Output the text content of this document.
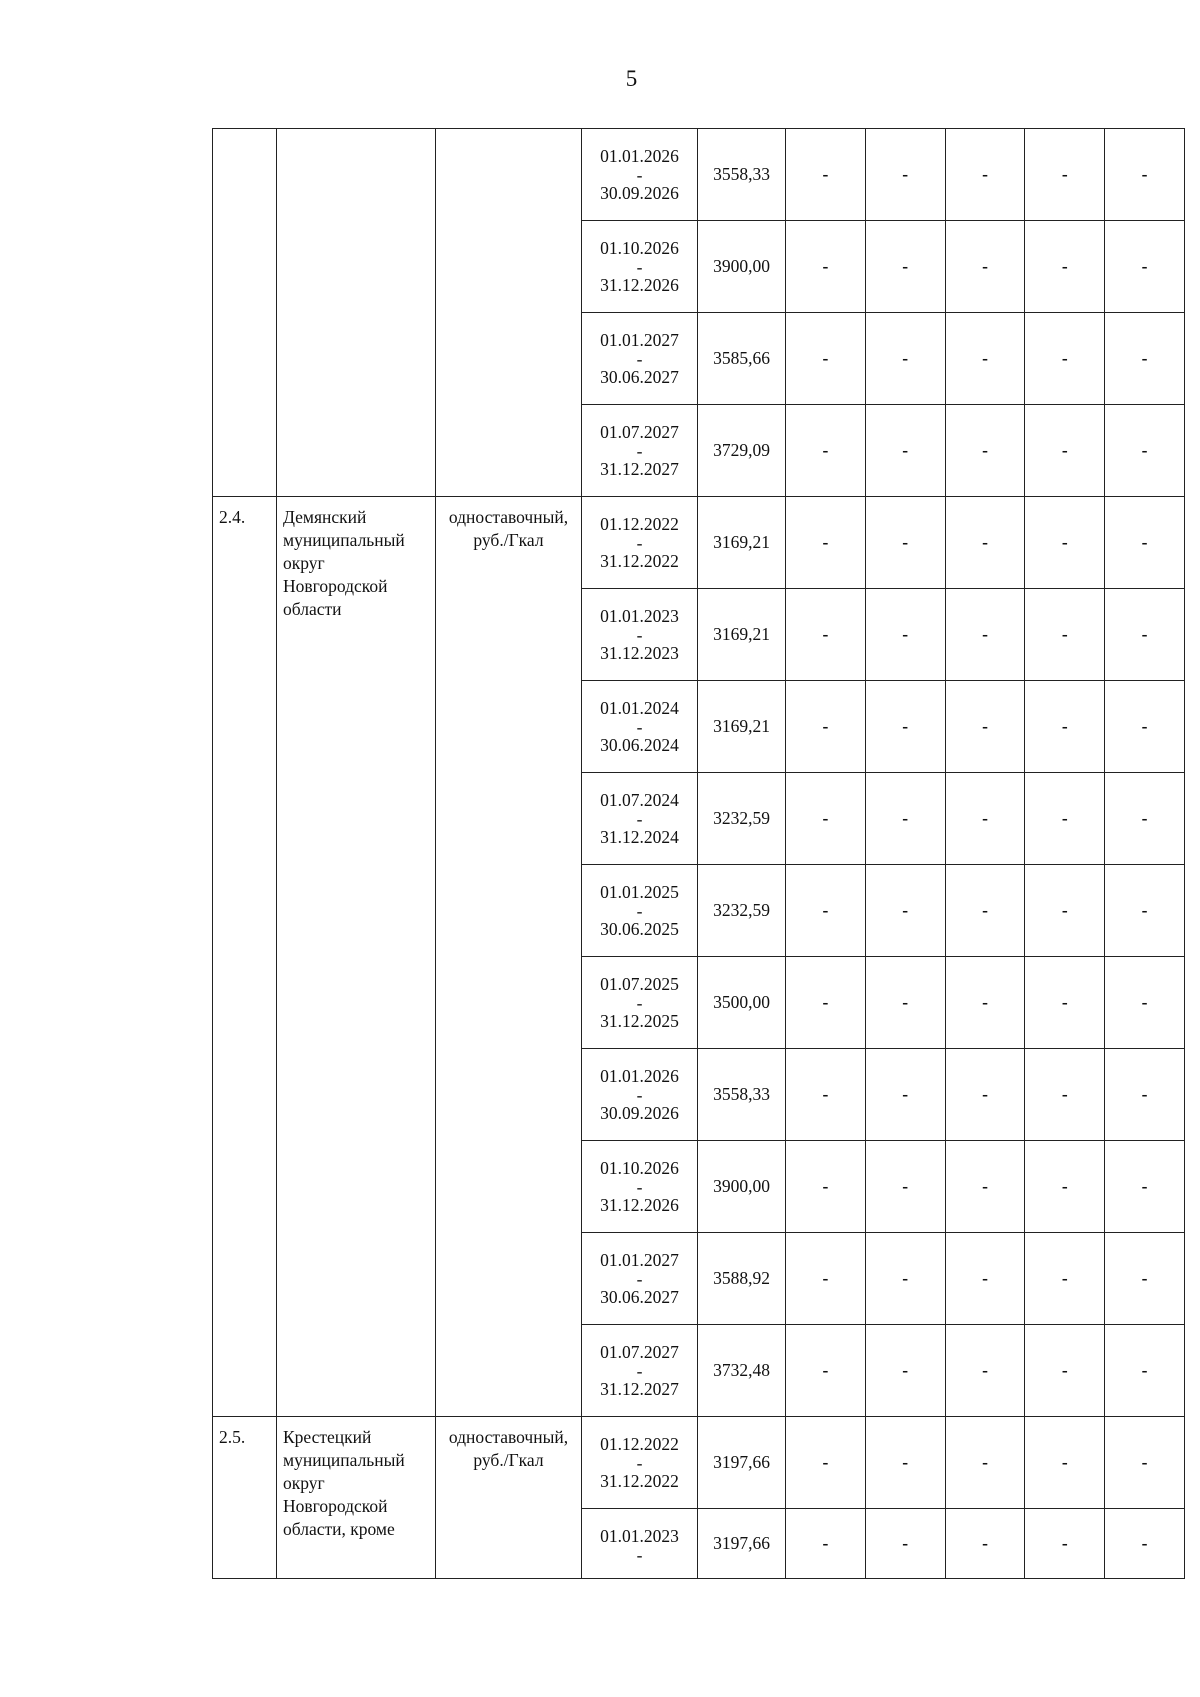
5

			01.01.2026
-
30.09.2026	3558,33	-	-	-	-	-

			01.10.2026
-
31.12.2026	3900,00	-	-	-	-	-

			01.01.2027
-
30.06.2027	3585,66	-	-	-	-	-

			01.07.2027
-
31.12.2027	3729,09	-	-	-	-	-
2.4.	Демянский муниципальный округ Новгородской области	одноставочный, руб./Гкал	01.12.2022
-
31.12.2022	3169,21	-	-	-	-	-

			01.01.2023
-
31.12.2023	3169,21	-	-	-	-	-

			01.01.2024
-
30.06.2024	3169,21	-	-	-	-	-

			01.07.2024
-
31.12.2024	3232,59	-	-	-	-	-

			01.01.2025
-
30.06.2025	3232,59	-	-	-	-	-

			01.07.2025
-
31.12.2025	3500,00	-	-	-	-	-

			01.01.2026
-
30.09.2026	3558,33	-	-	-	-	-

			01.10.2026
-
31.12.2026	3900,00	-	-	-	-	-

			01.01.2027
-
30.06.2027	3588,92	-	-	-	-	-

			01.07.2027
-
31.12.2027	3732,48	-	-	-	-	-
2.5.	Крестецкий муниципальный округ Новгородской области, кроме	одноставочный, руб./Гкал	01.12.2022
-
31.12.2022	3197,66	-	-	-	-	-

			01.01.2023
-	3197,66	-	-	-	-	-
